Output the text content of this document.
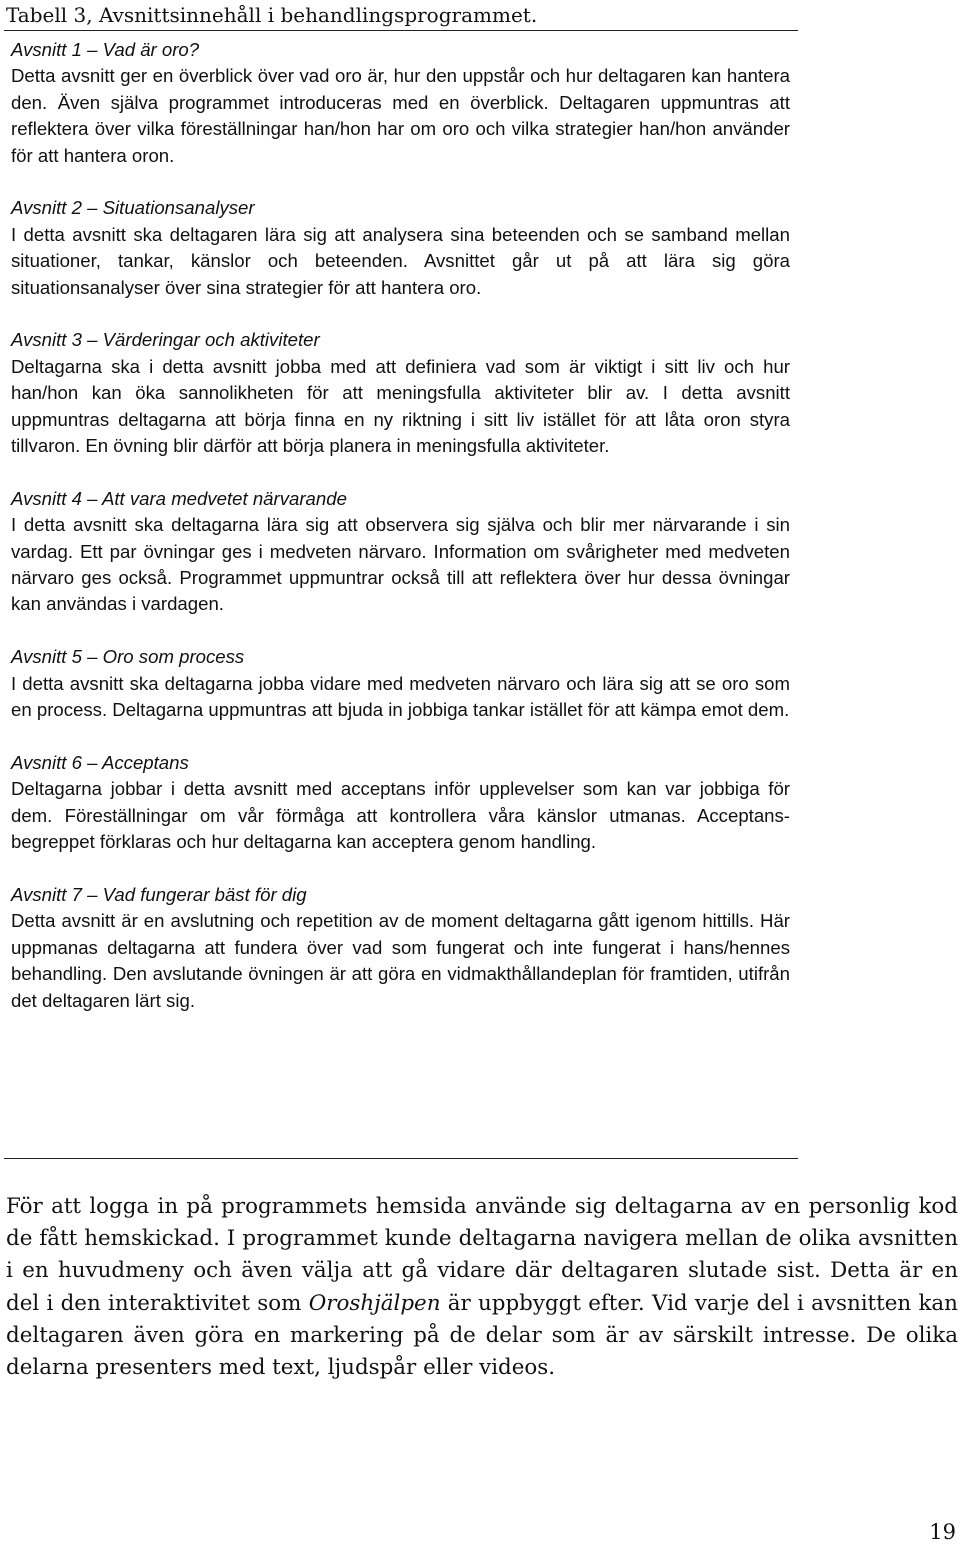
Tabell 3, Avsnittsinnehåll i behandlingsprogrammet.
Avsnitt 1 – Vad är oro?
Detta avsnitt ger en överblick över vad oro är, hur den uppstår och hur deltagaren kan hantera den. Även själva programmet introduceras med en överblick. Deltagaren uppmuntras att reflektera över vilka föreställningar han/hon har om oro och vilka strategier han/hon använder för att hantera oron.
Avsnitt 2 – Situationsanalyser
I detta avsnitt ska deltagaren lära sig att analysera sina beteenden och se samband mellan situationer, tankar, känslor och beteenden. Avsnittet går ut på att lära sig göra situationsanalyser över sina strategier för att hantera oro.
Avsnitt 3 – Värderingar och aktiviteter
Deltagarna ska i detta avsnitt jobba med att definiera vad som är viktigt i sitt liv och hur han/hon kan öka sannolikheten för att meningsfulla aktiviteter blir av. I detta avsnitt uppmuntras deltagarna att börja finna en ny riktning i sitt liv istället för att låta oron styra tillvaron. En övning blir därför att börja planera in meningsfulla aktiviteter.
Avsnitt 4 – Att vara medvetet närvarande
I detta avsnitt ska deltagarna lära sig att observera sig själva och blir mer närvarande i sin vardag. Ett par övningar ges i medveten närvaro. Information om svårigheter med medveten närvaro ges också. Programmet uppmuntrar också till att reflektera över hur dessa övningar kan användas i vardagen.
Avsnitt 5 – Oro som process
I detta avsnitt ska deltagarna jobba vidare med medveten närvaro och lära sig att se oro som en process. Deltagarna uppmuntras att bjuda in jobbiga tankar istället för att kämpa emot dem.
Avsnitt 6 – Acceptans
Deltagarna jobbar i detta avsnitt med acceptans inför upplevelser som kan var jobbiga för dem. Föreställningar om vår förmåga att kontrollera våra känslor utmanas. Acceptans-begreppet förklaras och hur deltagarna kan acceptera genom handling.
Avsnitt 7 – Vad fungerar bäst för dig
Detta avsnitt är en avslutning och repetition av de moment deltagarna gått igenom hittills. Här uppmanas deltagarna att fundera över vad som fungerat och inte fungerat i hans/hennes behandling. Den avslutande övningen är att göra en vidmakthållandeplan för framtiden, utifrån det deltagaren lärt sig.

För att logga in på programmets hemsida använde sig deltagarna av en personlig kod de fått hemskickad. I programmet kunde deltagarna navigera mellan de olika avsnitten i en huvudmeny och även välja att gå vidare där deltagaren slutade sist. Detta är en del i den interaktivitet som Oroshjälpen är uppbyggt efter. Vid varje del i avsnitten kan deltagaren även göra en markering på de delar som är av särskilt intresse. De olika delarna presenters med text, ljudspår eller videos.

19
